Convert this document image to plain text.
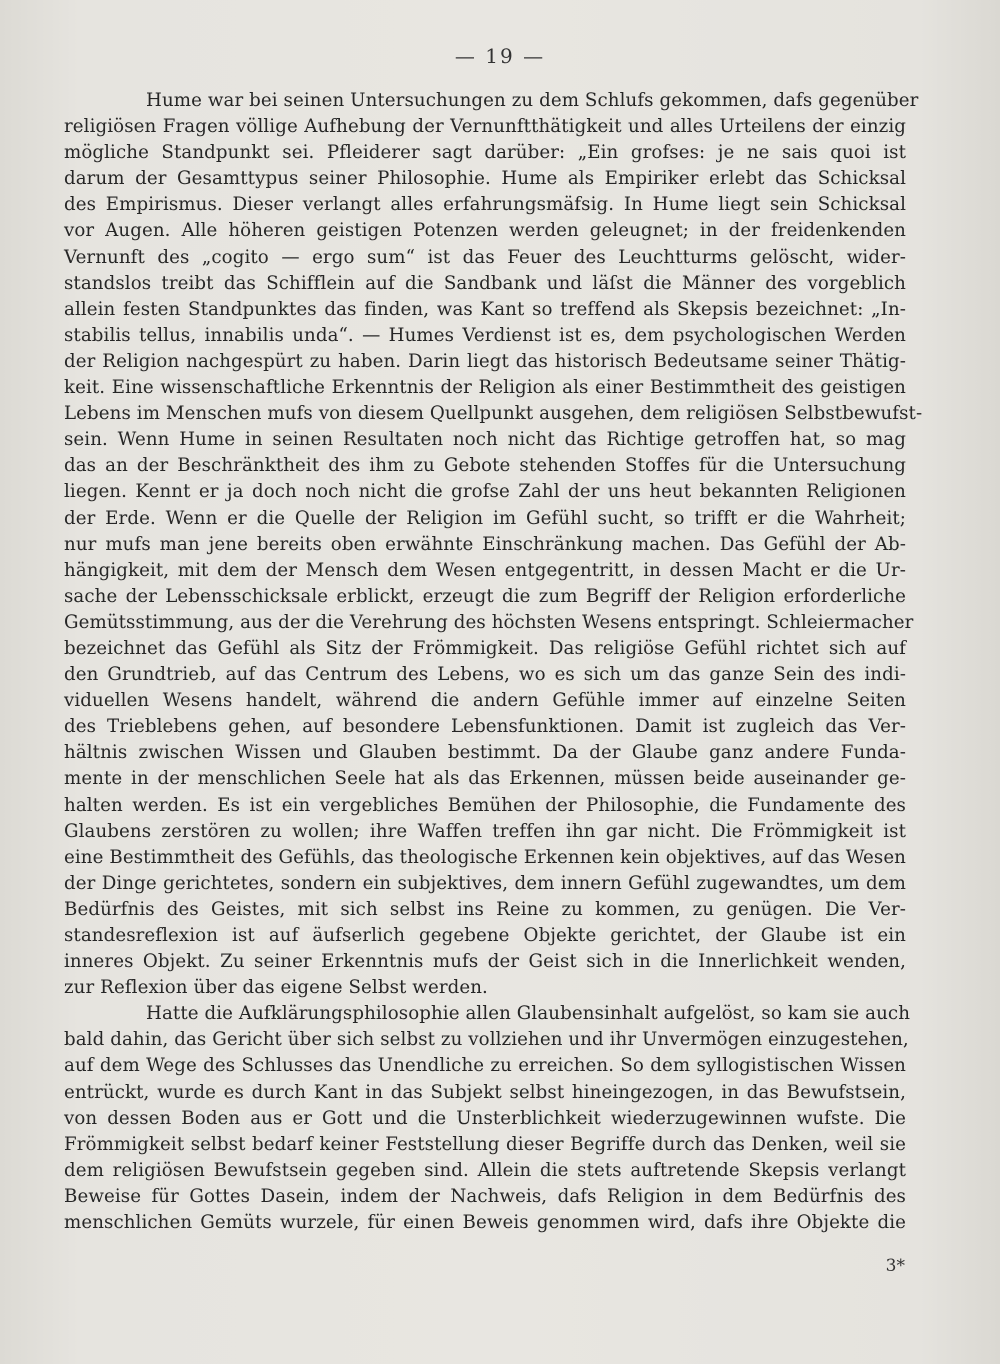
— 19 —
Hume war bei seinen Untersuchungen zu dem Schlufs gekommen, dafs gegenüber
religiösen Fragen völlige Aufhebung der Vernunftthätigkeit und alles Urteilens der einzig
mögliche Standpunkt sei. Pfleiderer sagt darüber: „Ein grofses: je ne sais quoi ist
darum der Gesamttypus seiner Philosophie. Hume als Empiriker erlebt das Schicksal
des Empirismus. Dieser verlangt alles erfahrungsmäfsig. In Hume liegt sein Schicksal
vor Augen. Alle höheren geistigen Potenzen werden geleugnet; in der freidenkenden
Vernunft des „cogito — ergo sum“ ist das Feuer des Leuchtturms gelöscht, wider-
standslos treibt das Schifflein auf die Sandbank und läſst die Männer des vorgeblich
allein festen Standpunktes das finden, was Kant so treffend als Skepsis bezeichnet: „In-
stabilis tellus, innabilis unda“. — Humes Verdienst ist es, dem psychologischen Werden
der Religion nachgespürt zu haben. Darin liegt das historisch Bedeutsame seiner Thätig-
keit. Eine wissenschaftliche Erkenntnis der Religion als einer Bestimmtheit des geistigen
Lebens im Menschen mufs von diesem Quellpunkt ausgehen, dem religiösen Selbstbewufst-
sein. Wenn Hume in seinen Resultaten noch nicht das Richtige getroffen hat, so mag
das an der Beschränktheit des ihm zu Gebote stehenden Stoffes für die Untersuchung
liegen. Kennt er ja doch noch nicht die grofse Zahl der uns heut bekannten Religionen
der Erde. Wenn er die Quelle der Religion im Gefühl sucht, so trifft er die Wahrheit;
nur mufs man jene bereits oben erwähnte Einschränkung machen. Das Gefühl der Ab-
hängigkeit, mit dem der Mensch dem Wesen entgegentritt, in dessen Macht er die Ur-
sache der Lebensschicksale erblickt, erzeugt die zum Begriff der Religion erforderliche
Gemütsstimmung, aus der die Verehrung des höchsten Wesens entspringt. Schleiermacher
bezeichnet das Gefühl als Sitz der Frömmigkeit. Das religiöse Gefühl richtet sich auf
den Grundtrieb, auf das Centrum des Lebens, wo es sich um das ganze Sein des indi-
viduellen Wesens handelt, während die andern Gefühle immer auf einzelne Seiten
des Trieblebens gehen, auf besondere Lebensfunktionen. Damit ist zugleich das Ver-
hältnis zwischen Wissen und Glauben bestimmt. Da der Glaube ganz andere Funda-
mente in der menschlichen Seele hat als das Erkennen, müssen beide auseinander ge-
halten werden. Es ist ein vergebliches Bemühen der Philosophie, die Fundamente des
Glaubens zerstören zu wollen; ihre Waffen treffen ihn gar nicht. Die Frömmigkeit ist
eine Bestimmtheit des Gefühls, das theologische Erkennen kein objektives, auf das Wesen
der Dinge gerichtetes, sondern ein subjektives, dem innern Gefühl zugewandtes, um dem
Bedürfnis des Geistes, mit sich selbst ins Reine zu kommen, zu genügen. Die Ver-
standesreflexion ist auf äufserlich gegebene Objekte gerichtet, der Glaube ist ein
inneres Objekt. Zu seiner Erkenntnis mufs der Geist sich in die Innerlichkeit wenden,
zur Reflexion über das eigene Selbst werden.
Hatte die Aufklärungsphilosophie allen Glaubensinhalt aufgelöst, so kam sie auch
bald dahin, das Gericht über sich selbst zu vollziehen und ihr Unvermögen einzugestehen,
auf dem Wege des Schlusses das Unendliche zu erreichen. So dem syllogistischen Wissen
entrückt, wurde es durch Kant in das Subjekt selbst hineingezogen, in das Bewufstsein,
von dessen Boden aus er Gott und die Unsterblichkeit wiederzugewinnen wufste. Die
Frömmigkeit selbst bedarf keiner Feststellung dieser Begriffe durch das Denken, weil sie
dem religiösen Bewufstsein gegeben sind. Allein die stets auftretende Skepsis verlangt
Beweise für Gottes Dasein, indem der Nachweis, dafs Religion in dem Bedürfnis des
menschlichen Gemüts wurzele, für einen Beweis genommen wird, dafs ihre Objekte die
3*
